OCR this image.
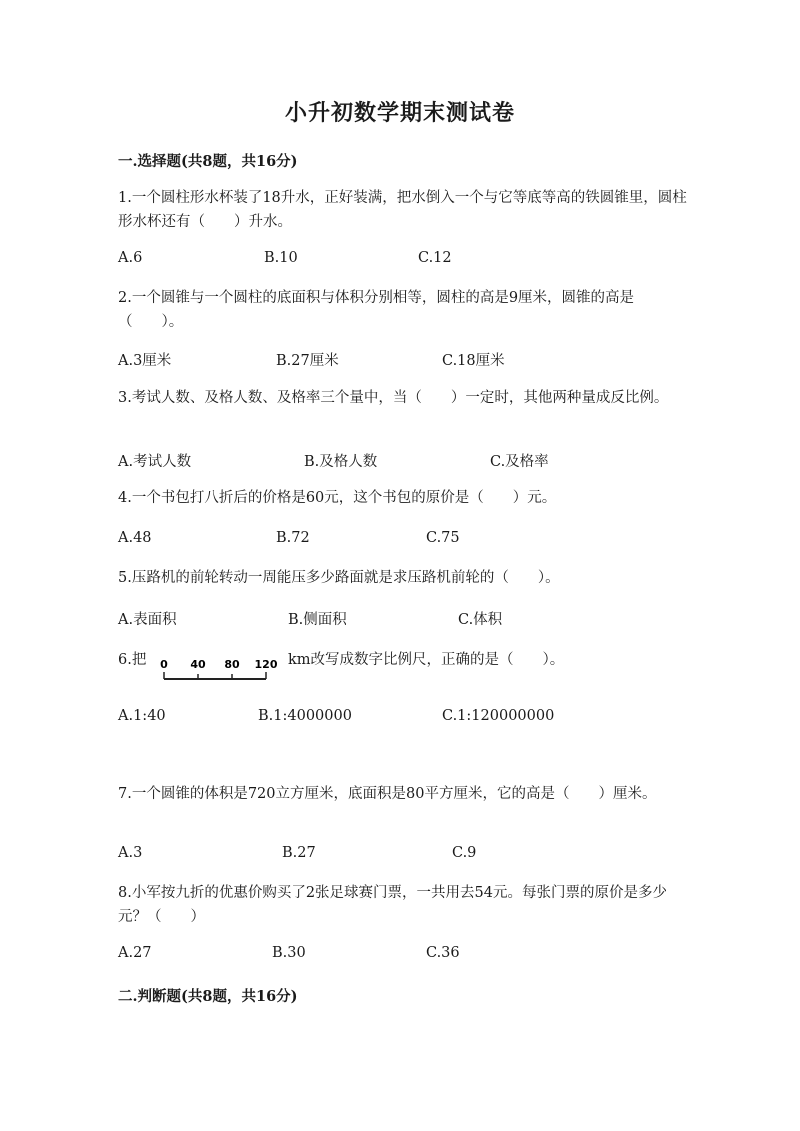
小升初数学期末测试卷
一.选择题(共8题，共16分)
1.一个圆柱形水杯装了18升水，正好装满，把水倒入一个与它等底等高的铁圆锥里，圆柱形水杯还有（　　）升水。
A.6	B.10	C.12
2.一个圆锥与一个圆柱的底面积与体积分别相等，圆柱的高是9厘米，圆锥的高是（　　）。
A.3厘米	B.27厘米	C.18厘米
3.考试人数、及格人数、及格率三个量中，当（　　）一定时，其他两种量成反比例。
A.考试人数	B.及格人数	C.及格率
4.一个书包打八折后的价格是60元，这个书包的原价是（　　）元。
A.48	B.72	C.75
5.压路机的前轮转动一周能压多少路面就是求压路机前轮的（　　）。
A.表面积	B.侧面积	C.体积
6.把 0 40 80 120 km改写成数字比例尺，正确的是（　　）。
A.1:40	B.1:4000000	C.1:120000000
7.一个圆锥的体积是720立方厘米，底面积是80平方厘米，它的高是（　　）厘米。
A.3	B.27	C.9
8.小军按九折的优惠价购买了2张足球赛门票，一共用去54元。每张门票的原价是多少元？（　　）
A.27	B.30	C.36
二.判断题(共8题，共16分)
